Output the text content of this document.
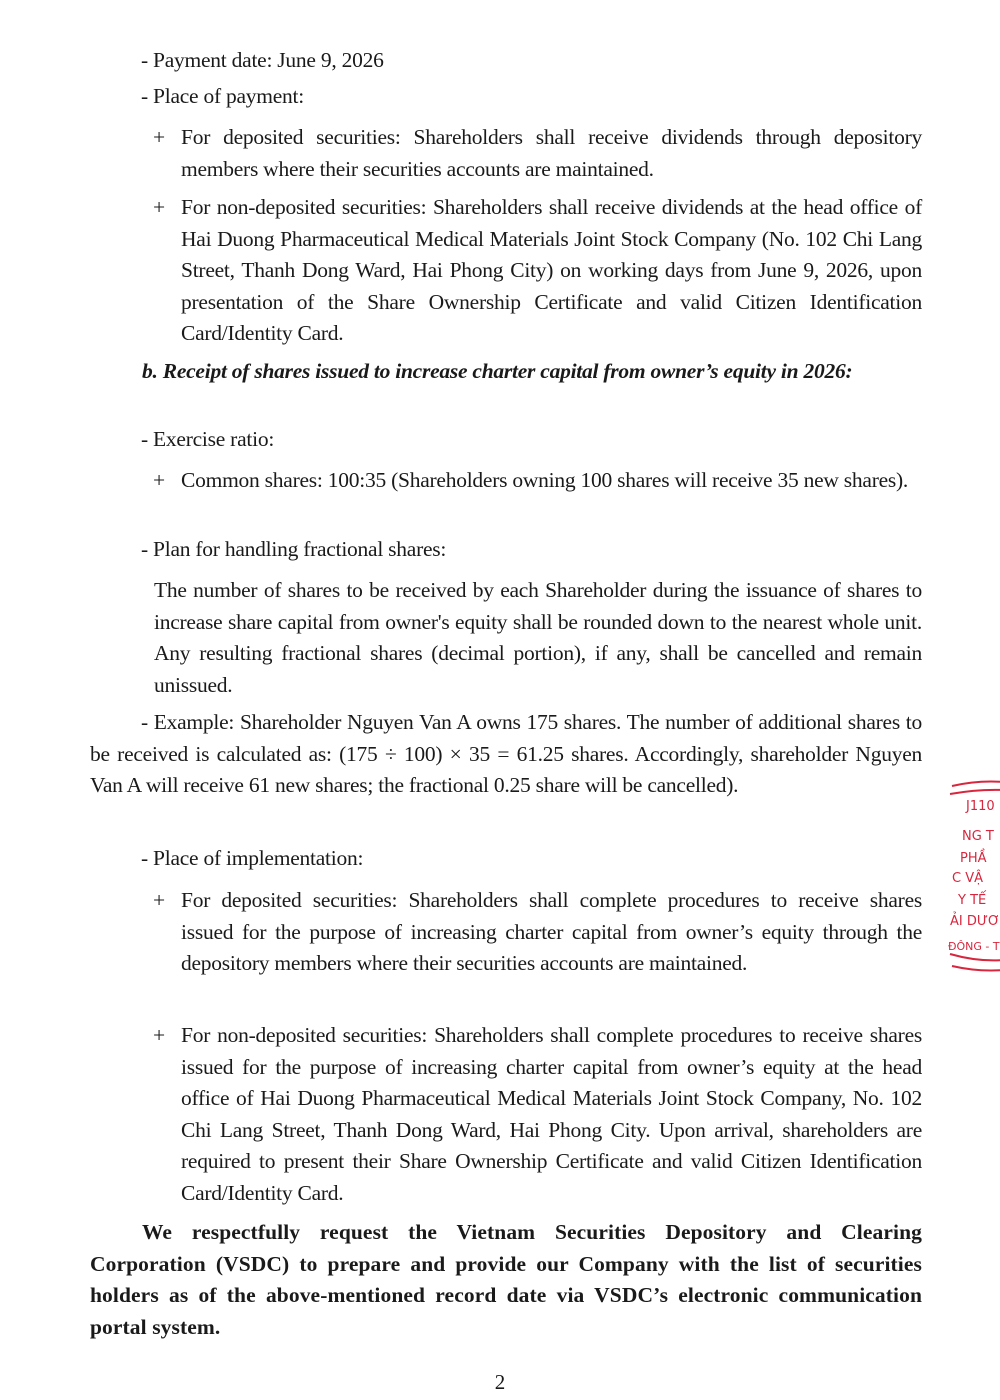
- Payment date: June 9, 2026
- Place of payment:
+ For deposited securities: Shareholders shall receive dividends through depository members where their securities accounts are maintained.
+ For non-deposited securities: Shareholders shall receive dividends at the head office of Hai Duong Pharmaceutical Medical Materials Joint Stock Company (No. 102 Chi Lang Street, Thanh Dong Ward, Hai Phong City) on working days from June 9, 2026, upon presentation of the Share Ownership Certificate and valid Citizen Identification Card/Identity Card.
b. Receipt of shares issued to increase charter capital from owner’s equity in 2026:
- Exercise ratio:
+ Common shares: 100:35 (Shareholders owning 100 shares will receive 35 new shares).
- Plan for handling fractional shares:
The number of shares to be received by each Shareholder during the issuance of shares to increase share capital from owner's equity shall be rounded down to the nearest whole unit. Any resulting fractional shares (decimal portion), if any, shall be cancelled and remain unissued.
- Example: Shareholder Nguyen Van A owns 175 shares. The number of additional shares to be received is calculated as: (175 ÷ 100) × 35 = 61.25 shares. Accordingly, shareholder Nguyen Van A will receive 61 new shares; the fractional 0.25 share will be cancelled).
- Place of implementation:
+ For deposited securities: Shareholders shall complete procedures to receive shares issued for the purpose of increasing charter capital from owner’s equity through the depository members where their securities accounts are maintained.
+ For non-deposited securities: Shareholders shall complete procedures to receive shares issued for the purpose of increasing charter capital from owner’s equity at the head office of Hai Duong Pharmaceutical Medical Materials Joint Stock Company, No. 102 Chi Lang Street, Thanh Dong Ward, Hai Phong City. Upon arrival, shareholders are required to present their Share Ownership Certificate and valid Citizen Identification Card/Identity Card.
We respectfully request the Vietnam Securities Depository and Clearing Corporation (VSDC) to prepare and provide our Company with the list of securities holders as of the above-mentioned record date via VSDC’s electronic communication portal system.
J110
NG T
PHẦ
C VẬ
Y TẾ
ẢI DƯƠ
ĐÔNG - T
2
